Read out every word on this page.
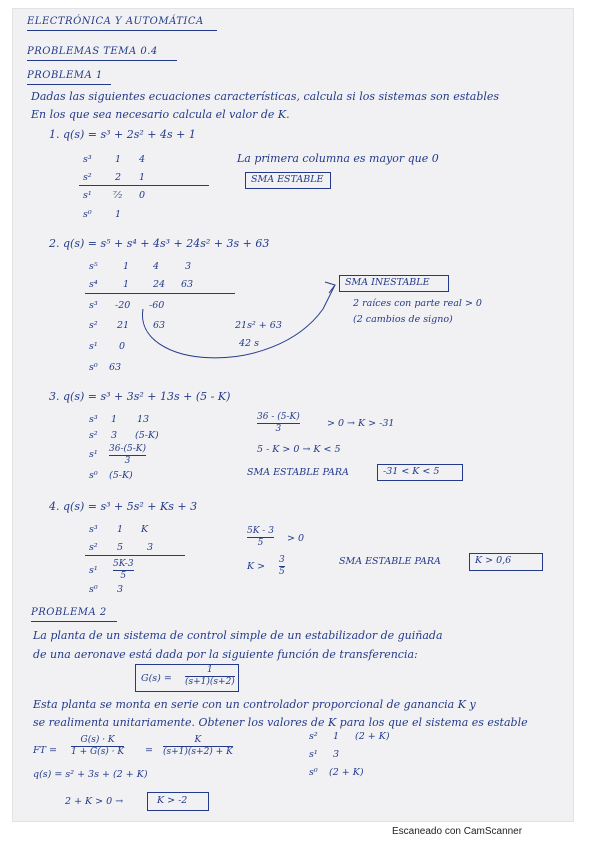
ELECTRÓNICA Y AUTOMÁTICA
PROBLEMAS TEMA 0.4
PROBLEMA 1
Dadas las siguientes ecuaciones características, calcula si los sistemas son estables
En los que sea necesario calcula el valor de K.
1. q(s) = s³ + 2s² + 4s + 1
s³ 1 4
s² 2 1
s¹ ⁷⁄₂ 0
s⁰ 1
La primera columna es mayor que 0
SMA ESTABLE
2. q(s) = s⁵ + s⁴ + 4s³ + 24s² + 3s + 63
s⁵	1	4	3
s⁴	1	24 63
s³ -20 -60
s² 21	63
s¹ 0
s⁰ 63
21s² + 63
42 s
SMA INESTABLE
2 raíces con parte real > 0
(2 cambios de signo)
3. q(s) = s³ + 3s² + 13s + (5 - K)
s³ 1 13
s² 3 (5-K)
s¹ 36-(5-K)
3
s⁰ (5-K)
36 - (5-K)
3
> 0 → K > -31
5 - K > 0 → K < 5
SMA ESTABLE PARA	-31 < K < 5
4. q(s) = s³ + 5s² + Ks + 3
s³ 1 K
s² 5	3
s¹
5K-3
5
s⁰ 3
5K - 3
5 > 0
K >
3
5
SMA ESTABLE PARA	K > 0,6
PROBLEMA 2
La planta de un sistema de control simple de un estabilizador de guiñada
de una aeronave está dada por la siguiente función de transferencia:
G(s) =
1
(s+1)(s+2)
Esta planta se monta en serie con un controlador proporcional de ganancia K y
se realimenta unitariamente. Obtener los valores de K para los que el sistema es estable
FT =
G(s) · K
1 + G(s) · K =
K
(s+1)(s+2) + K
s² 1 (2 + K)
s¹ 3
s⁰ (2 + K)
q(s) = s² + 3s + (2 + K)
2 + K > 0 →	K > -2
Escaneado con CamScanner
